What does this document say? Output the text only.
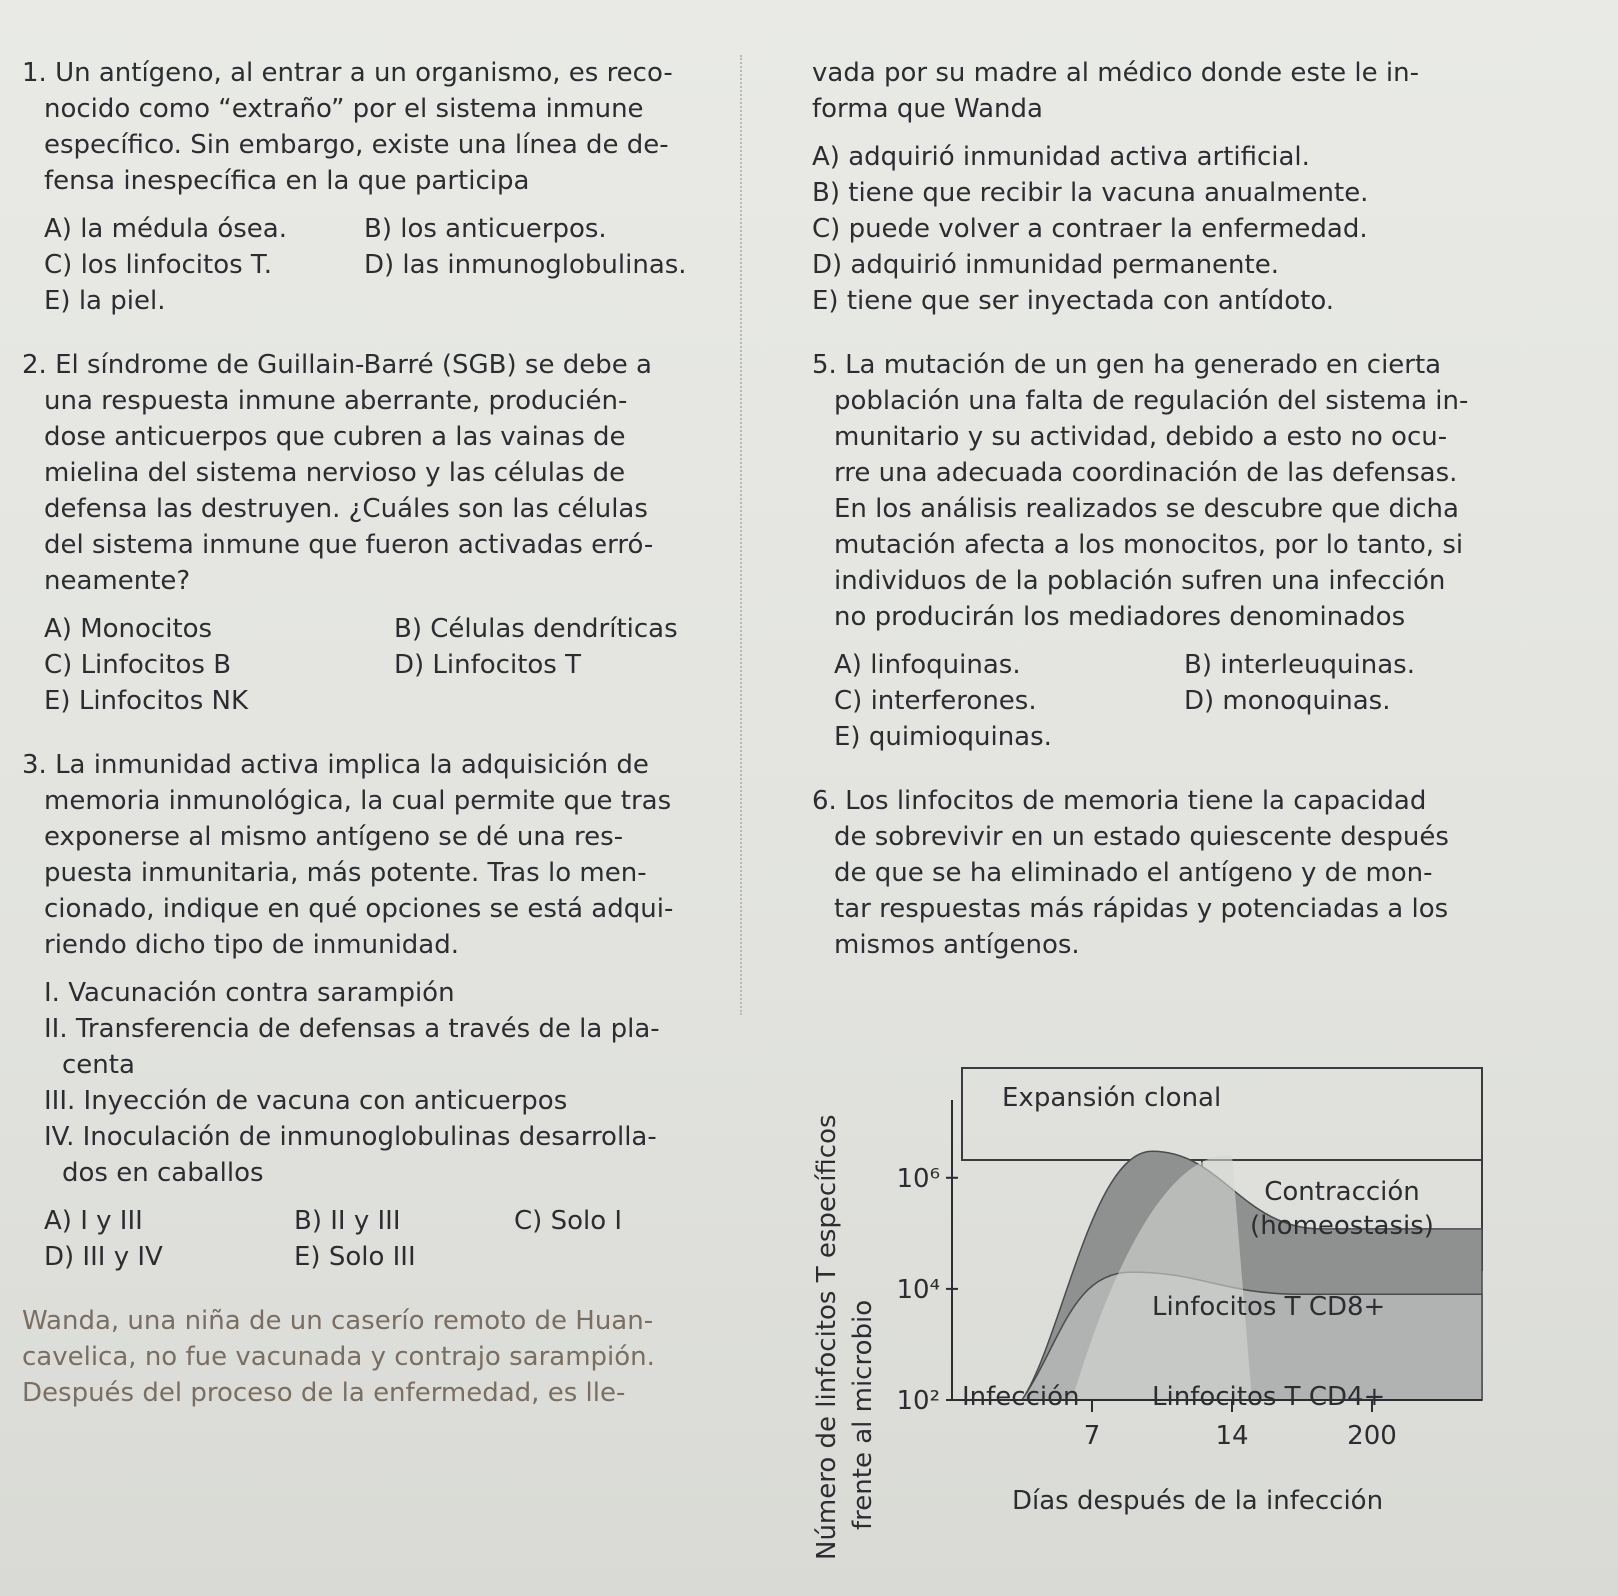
1. Un antígeno, al entrar a un organismo, es reco-
nocido como “extraño” por el sistema inmune
específico. Sin embargo, existe una línea de de-
fensa inespecífica en la que participa
A) la médula ósea.	B) los anticuerpos.
C) los linfocitos T.	D) las inmunoglobulinas.
E) la piel.
2. El síndrome de Guillain-Barré (SGB) se debe a
una respuesta inmune aberrante, producién-
dose anticuerpos que cubren a las vainas de
mielina del sistema nervioso y las células de
defensa las destruyen. ¿Cuáles son las células
del sistema inmune que fueron activadas erró-
neamente?
A) Monocitos	B) Células dendríticas
C) Linfocitos B	D) Linfocitos T
E) Linfocitos NK
3. La inmunidad activa implica la adquisición de
memoria inmunológica, la cual permite que tras
exponerse al mismo antígeno se dé una res-
puesta inmunitaria, más potente. Tras lo men-
cionado, indique en qué opciones se está adqui-
riendo dicho tipo de inmunidad.
I. Vacunación contra sarampión
II. Transferencia de defensas a través de la pla-
centa
III. Inyección de vacuna con anticuerpos
IV. Inoculación de inmunoglobulinas desarrolla-
dos en caballos
A) I y III	B) II y III	C) Solo I
D) III y IV	E) Solo III
Wanda, una niña de un caserío remoto de Huan-
cavelica, no fue vacunada y contrajo sarampión.
Después del proceso de la enfermedad, es lle-
vada por su madre al médico donde este le in-
forma que Wanda
A) adquirió inmunidad activa artificial.
B) tiene que recibir la vacuna anualmente.
C) puede volver a contraer la enfermedad.
D) adquirió inmunidad permanente.
E) tiene que ser inyectada con antídoto.
5. La mutación de un gen ha generado en cierta
población una falta de regulación del sistema in-
munitario y su actividad, debido a esto no ocu-
rre una adecuada coordinación de las defensas.
En los análisis realizados se descubre que dicha
mutación afecta a los monocitos, por lo tanto, si
individuos de la población sufren una infección
no producirán los mediadores denominados
A) linfoquinas.	B) interleuquinas.
C) interferones.	D) monoquinas.
E) quimioquinas.
6. Los linfocitos de memoria tiene la capacidad
de sobrevivir en un estado quiescente después
de que se ha eliminado el antígeno y de mon-
tar respuestas más rápidas y potenciadas a los
mismos antígenos.
10²
10⁴
10⁶
7	14	200
Número de linfocitos T específicos frente al microbio
Expansión clonal
Contracción (homeostasis)
Infección
Linfocitos T CD8+
Linfocitos T CD4+
Días después de la infección
